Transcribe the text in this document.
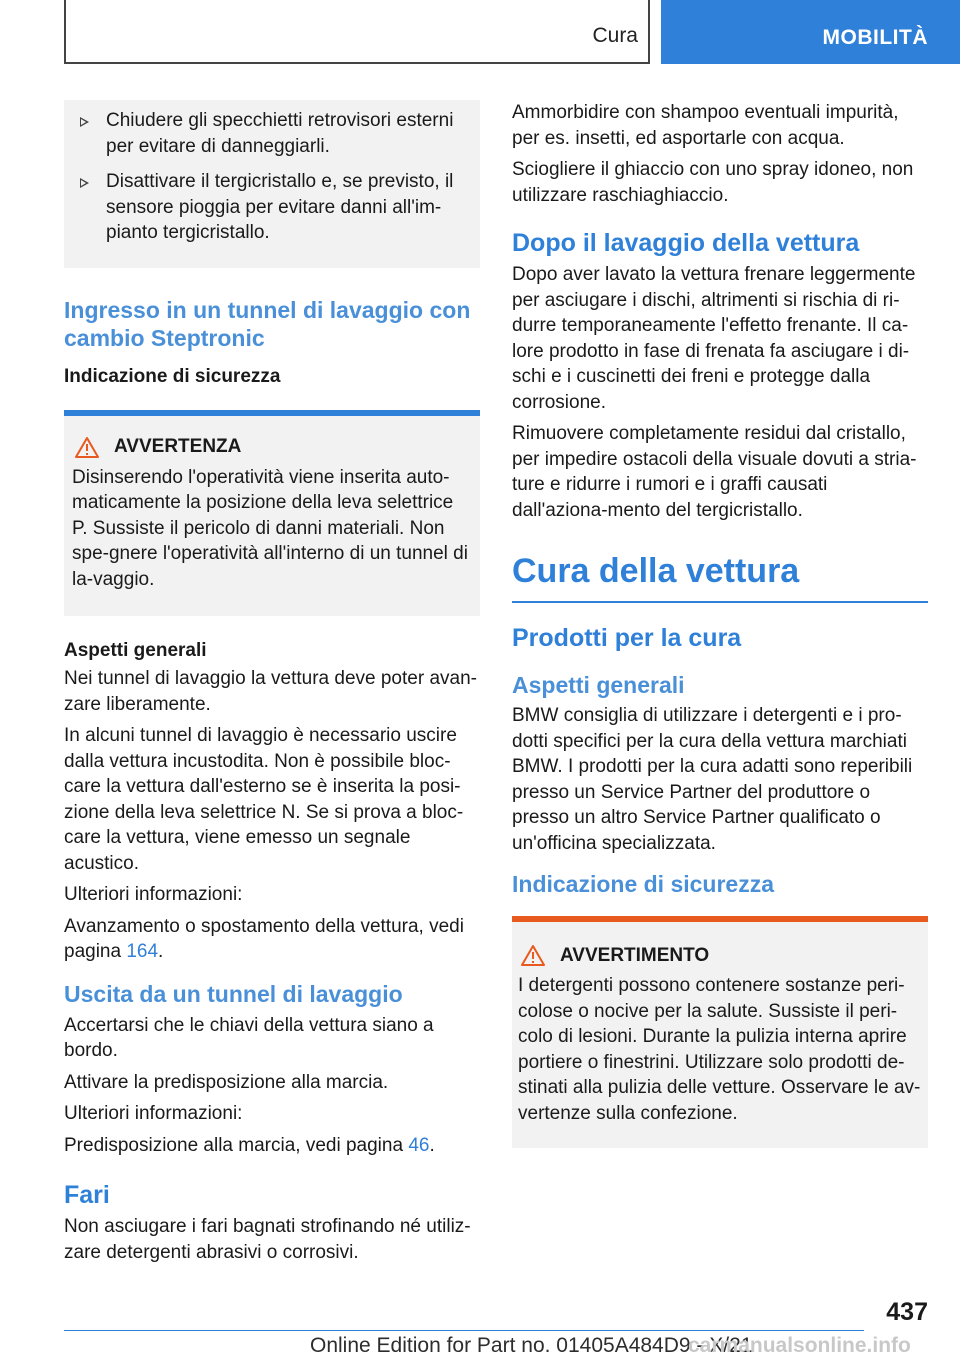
Cura	MOBILITÀ
Chiudere gli specchietti retrovisori esterni per evitare di danneggiarli.
Disattivare il tergicristallo e, se previsto, il sensore pioggia per evitare danni all'im-pianto tergicristallo.
Ingresso in un tunnel di lavaggio con cambio Steptronic
Indicazione di sicurezza
AVVERTENZA
Disinserendo l'operatività viene inserita auto-maticamente la posizione della leva selettrice P. Sussiste il pericolo di danni materiali. Non spe-gnere l'operatività all'interno di un tunnel di la-vaggio.
Aspetti generali
Nei tunnel di lavaggio la vettura deve poter avan-zare liberamente.
In alcuni tunnel di lavaggio è necessario uscire dalla vettura incustodita. Non è possibile bloc-care la vettura dall'esterno se è inserita la posi-zione della leva selettrice N. Se si prova a bloc-care la vettura, viene emesso un segnale acustico.
Ulteriori informazioni:
Avanzamento o spostamento della vettura, vedi pagina 164.
Uscita da un tunnel di lavaggio
Accertarsi che le chiavi della vettura siano a bordo.
Attivare la predisposizione alla marcia.
Ulteriori informazioni:
Predisposizione alla marcia, vedi pagina 46.
Fari
Non asciugare i fari bagnati strofinando né utiliz-zare detergenti abrasivi o corrosivi.
Ammorbidire con shampoo eventuali impurità, per es. insetti, ed asportarle con acqua.
Sciogliere il ghiaccio con uno spray idoneo, non utilizzare raschiaghiaccio.
Dopo il lavaggio della vettura
Dopo aver lavato la vettura frenare leggermente per asciugare i dischi, altrimenti si rischia di ri-durre temporaneamente l'effetto frenante. Il ca-lore prodotto in fase di frenata fa asciugare i di-schi e i cuscinetti dei freni e protegge dalla corrosione.
Rimuovere completamente residui dal cristallo, per impedire ostacoli della visuale dovuti a stria-ture e ridurre i rumori e i graffi causati dall'aziona-mento del tergicristallo.
Cura della vettura
Prodotti per la cura
Aspetti generali
BMW consiglia di utilizzare i detergenti e i pro-dotti specifici per la cura della vettura marchiati BMW. I prodotti per la cura adatti sono reperibili presso un Service Partner del produttore o presso un altro Service Partner qualificato o un'officina specializzata.
Indicazione di sicurezza
AVVERTIMENTO
I detergenti possono contenere sostanze peri-colose o nocive per la salute. Sussiste il peri-colo di lesioni. Durante la pulizia interna aprire portiere o finestrini. Utilizzare solo prodotti de-stinati alla pulizia delle vetture. Osservare le av-vertenze sulla confezione.
437
Online Edition for Part no. 01405A484D9 - X/21
carmanualsonline.info
